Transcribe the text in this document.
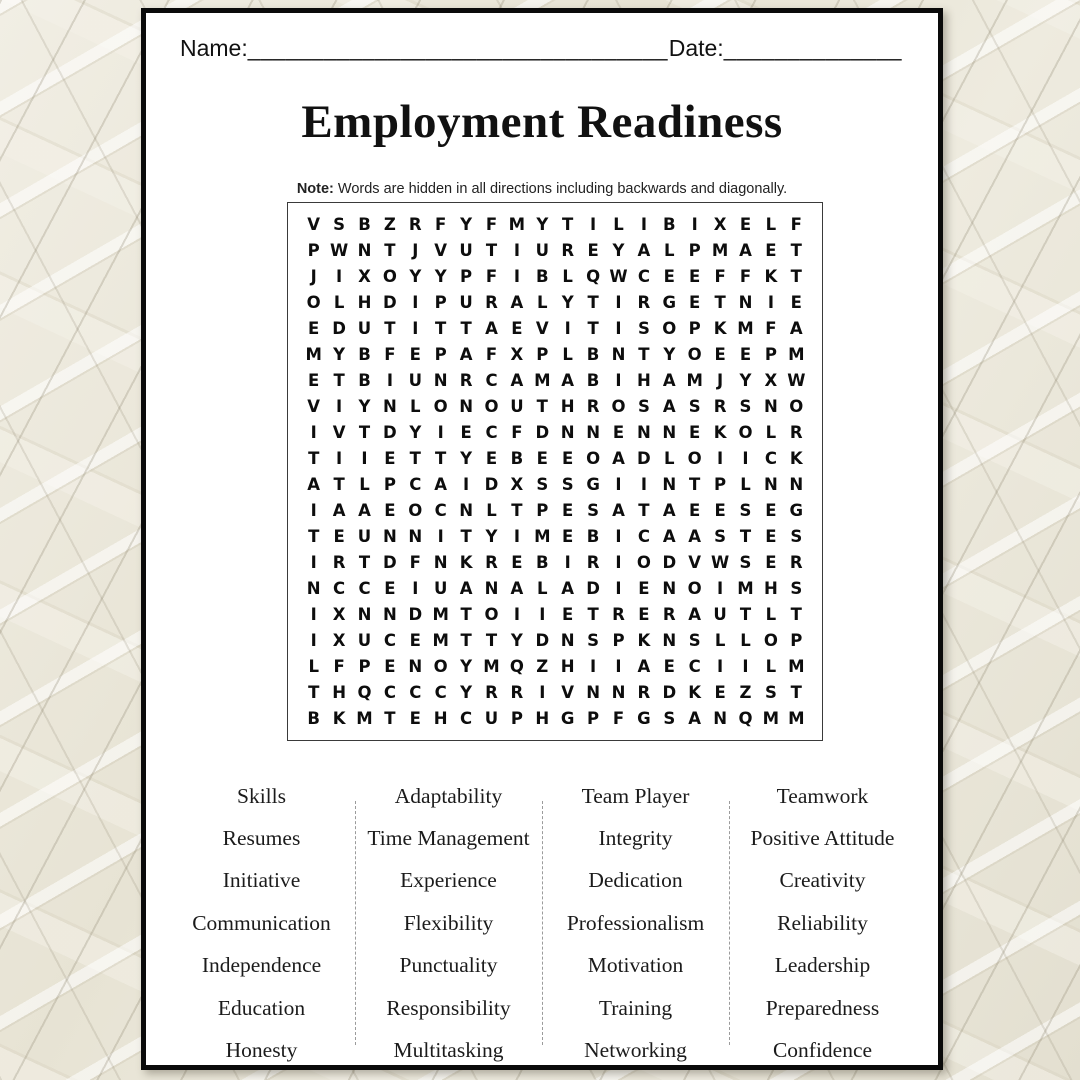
Name: _________________________________ Date: ______________
Employment Readiness
Note: Words are hidden in all directions including backwards and diagonally.
V S B Z R F Y F M Y T	I	L	I B I X E L F
P W N T	J V U T	I U R E Y A L P M A E T
J	I X O Y Y P F	I B L Q W C E E F F K T
O L H D I P U R A L Y T	I R G E T N I	E
E D U T	I	T T A E V I	T	I S O P K M F A
M Y B F E P A F X P L B N T Y O E E P M
E T B I U N R C A M A B I H A M J Y X W
V I Y N L O N O U T H R O S A S R S N O
I V T D Y I	E C F D N N E N N E K O L R
T	I	I	E T T Y E B E E O A D L O I	I C K
A T L P C A I D X S S G I	I N T P L N N
I A A E O C N L T P E S A T A E E S E G
T E U N N I	T Y I M E B I C A A S T E S
I R T D F N K R E B I R I O D V W S E R
N C C E	I U A N A L A D I	E N O I M H S
I X N N D M T O I	I	E T R E R A U T L T
I X U C E M T T Y D N S P K N S L L O P
L F P E N O Y M Q Z H I	I A E C I	I	L M
T H Q C C C Y R R I V N N R D K E Z S T
B K M T E H C U P H G P F G S A N Q M M
Skills
Resumes
Initiative
Communication
Independence
Education
Honesty
Adaptability
Time Management
Experience
Flexibility
Punctuality
Responsibility
Multitasking
Team Player
Integrity
Dedication
Professionalism
Motivation
Training
Networking
Teamwork
Positive Attitude
Creativity
Reliability
Leadership
Preparedness
Confidence
